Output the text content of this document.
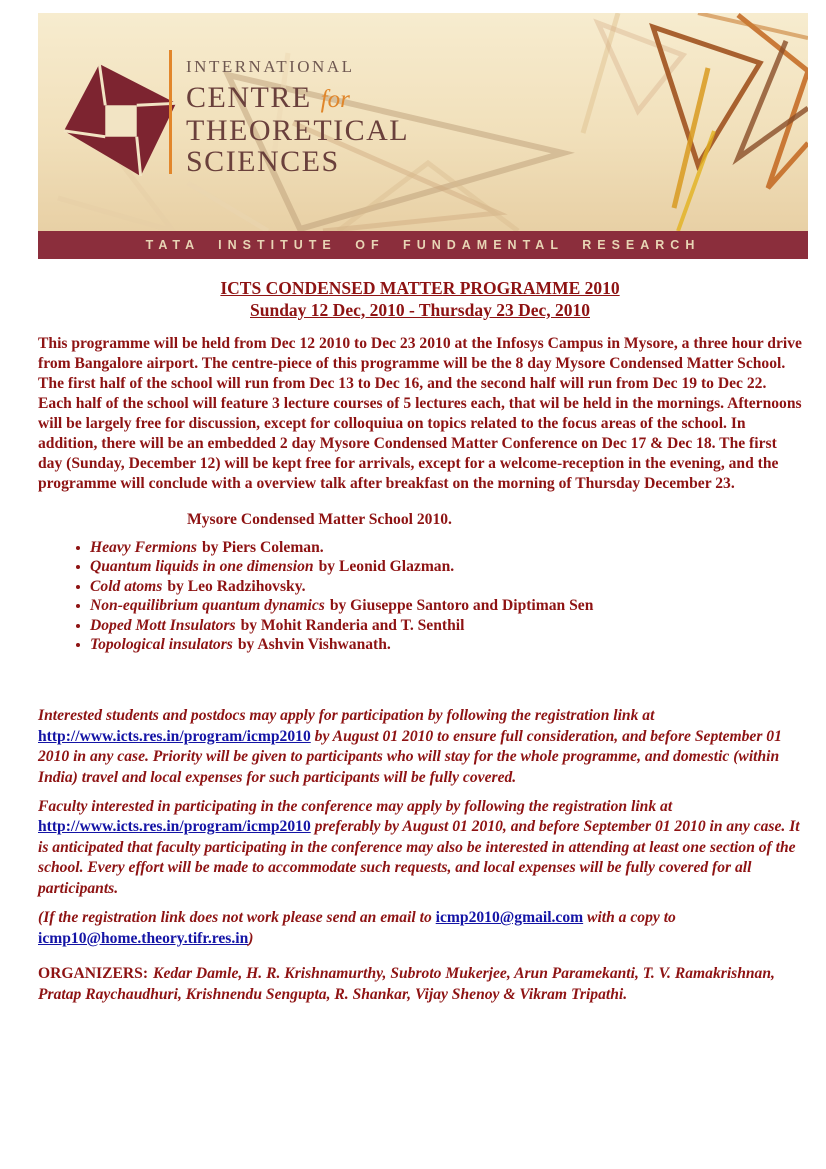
INTERNATIONAL
CENTRE for
THEORETICAL
SCIENCES
TATA INSTITUTE OF FUNDAMENTAL RESEARCH
ICTS CONDENSED MATTER PROGRAMME 2010
Sunday 12 Dec, 2010 - Thursday 23 Dec, 2010

This programme will be held from Dec 12 2010 to Dec 23 2010 at the Infosys Campus in Mysore, a three hour drive from Bangalore airport. The centre-piece of this programme will be the 8 day Mysore Condensed Matter School. The first half of the school will run from Dec 13 to Dec 16, and the second half will run from Dec 19 to Dec 22. Each half of the school will feature 3 lecture courses of 5 lectures each, that wil be held in the mornings. Afternoons will be largely free for discussion, except for colloquiua on topics related to the focus areas of the school. In addition, there will be an embedded 2 day Mysore Condensed Matter Conference on Dec 17 & Dec 18. The first day (Sunday, December 12) will be kept free for arrivals, except for a welcome-reception in the evening, and the programme will conclude with a overview talk after breakfast on the morning of Thursday December 23.

Mysore Condensed Matter School 2010.
Heavy Fermions by Piers Coleman.
Quantum liquids in one dimension by Leonid Glazman.
Cold atoms by Leo Radzihovsky.
Non-equilibrium quantum dynamics by Giuseppe Santoro and Diptiman Sen
Doped Mott Insulators by Mohit Randeria and T. Senthil
Topological insulators by Ashvin Vishwanath.

Interested students and postdocs may apply for participation by following the registration link at http://www.icts.res.in/program/icmp2010 by August 01 2010 to ensure full consideration, and before September 01 2010 in any case. Priority will be given to participants who will stay for the whole programme, and domestic (within India) travel and local expenses for such participants will be fully covered.

Faculty interested in participating in the conference may apply by following the registration link at http://www.icts.res.in/program/icmp2010 preferably by August 01 2010, and before September 01 2010 in any case. It is anticipated that faculty participating in the conference may also be interested in attending at least one section of the school. Every effort will be made to accommodate such requests, and local expenses will be fully covered for all participants.

(If the registration link does not work please send an email to icmp2010@gmail.com with a copy to icmp10@home.theory.tifr.res.in)

ORGANIZERS: Kedar Damle, H. R. Krishnamurthy, Subroto Mukerjee, Arun Paramekanti, T. V. Ramakrishnan, Pratap Raychaudhuri, Krishnendu Sengupta, R. Shankar, Vijay Shenoy & Vikram Tripathi.
